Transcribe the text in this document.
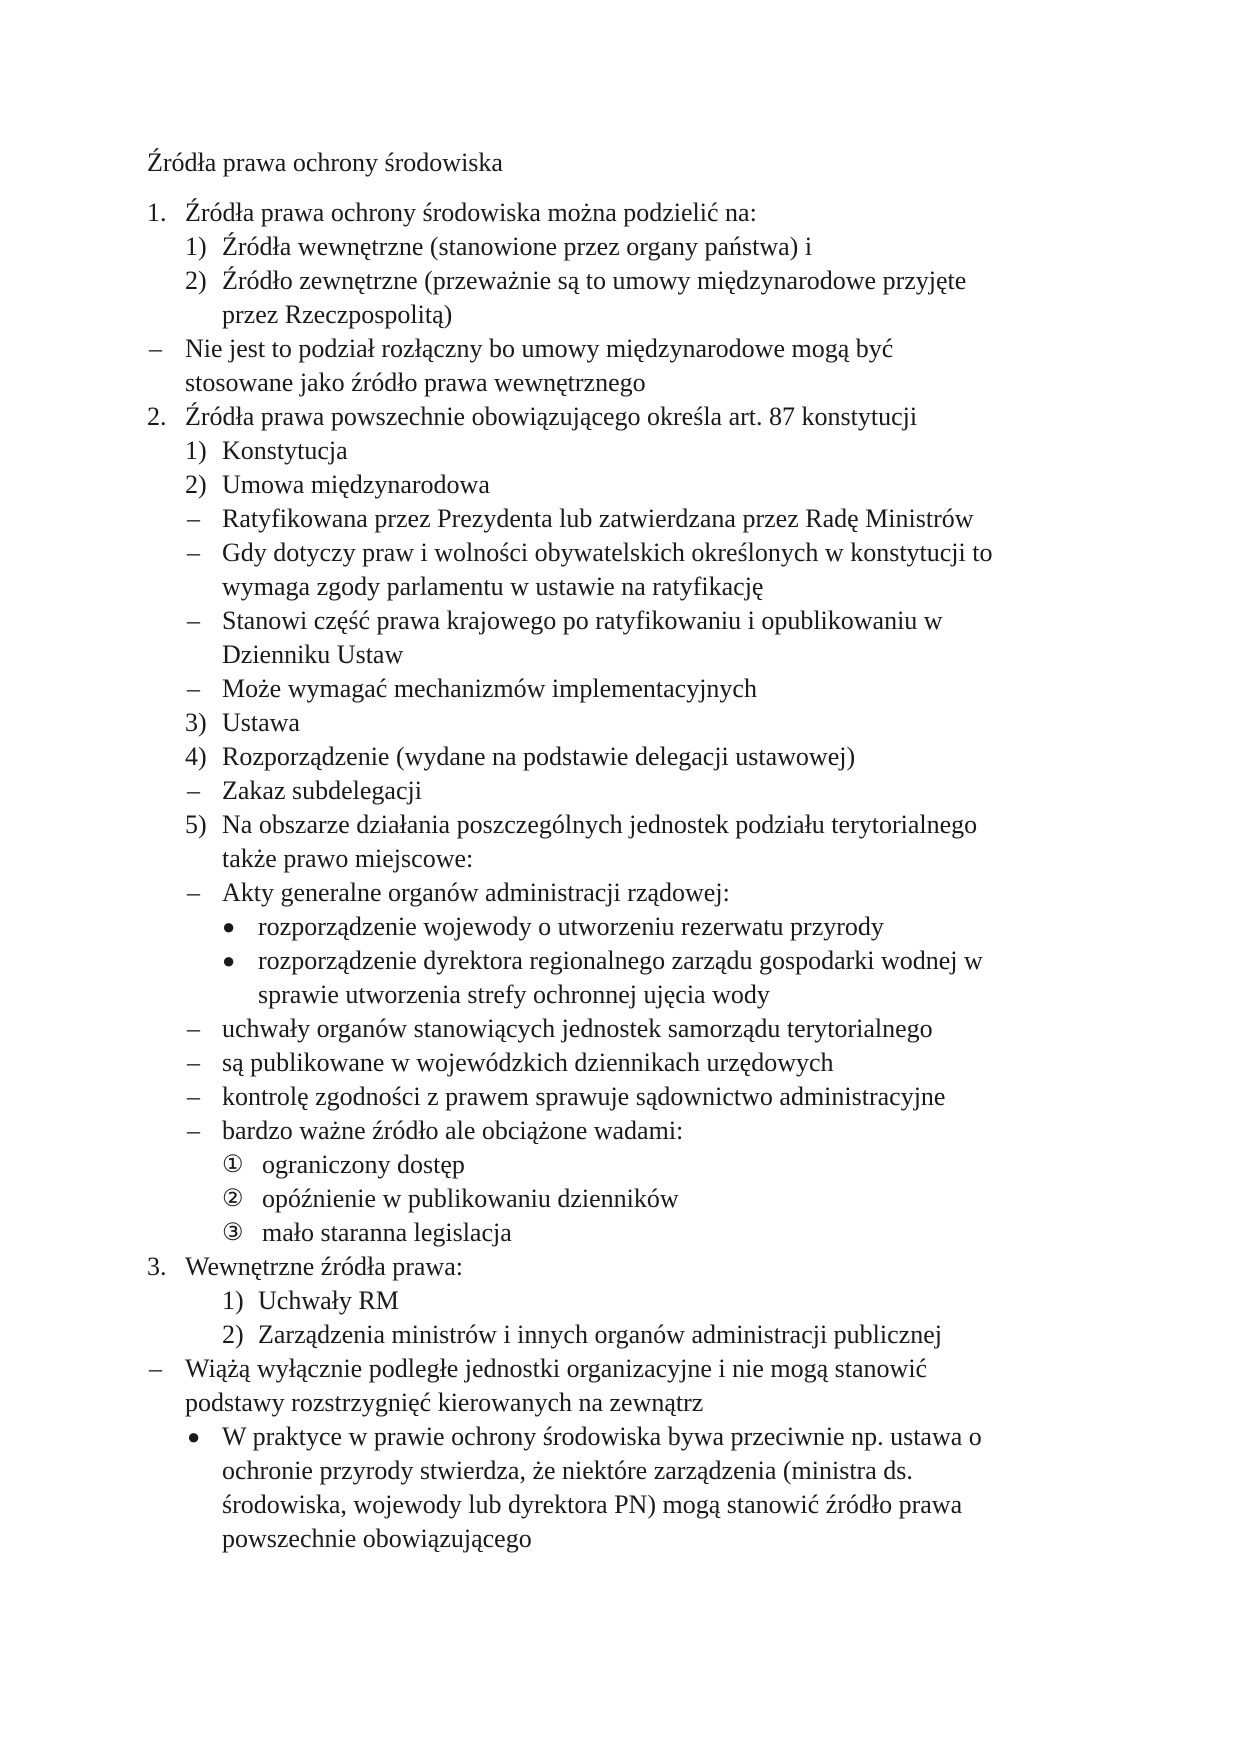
Źródła prawa ochrony środowiska
1. Źródła prawa ochrony środowiska można podzielić na:
1) Źródła wewnętrzne (stanowione przez organy państwa) i
2) Źródło zewnętrzne (przeważnie są to umowy międzynarodowe przyjęte
przez Rzeczpospolitą)
– Nie jest to podział rozłączny bo umowy międzynarodowe mogą być
stosowane jako źródło prawa wewnętrznego
2. Źródła prawa powszechnie obowiązującego określa art. 87 konstytucji
1) Konstytucja
2) Umowa międzynarodowa
– Ratyfikowana przez Prezydenta lub zatwierdzana przez Radę Ministrów
– Gdy dotyczy praw i wolności obywatelskich określonych w konstytucji to
wymaga zgody parlamentu w ustawie na ratyfikację
– Stanowi część prawa krajowego po ratyfikowaniu i opublikowaniu w
Dzienniku Ustaw
– Może wymagać mechanizmów implementacyjnych
3) Ustawa
4) Rozporządzenie (wydane na podstawie delegacji ustawowej)
– Zakaz subdelegacji
5) Na obszarze działania poszczególnych jednostek podziału terytorialnego
także prawo miejscowe:
– Akty generalne organów administracji rządowej:
● rozporządzenie wojewody o utworzeniu rezerwatu przyrody
● rozporządzenie dyrektora regionalnego zarządu gospodarki wodnej w
sprawie utworzenia strefy ochronnej ujęcia wody
– uchwały organów stanowiących jednostek samorządu terytorialnego
– są publikowane w wojewódzkich dziennikach urzędowych
– kontrolę zgodności z prawem sprawuje sądownictwo administracyjne
– bardzo ważne źródło ale obciążone wadami:
① ograniczony dostęp
② opóźnienie w publikowaniu dzienników
③ mało staranna legislacja
3. Wewnętrzne źródła prawa:
1) Uchwały RM
2) Zarządzenia ministrów i innych organów administracji publicznej
– Wiążą wyłącznie podległe jednostki organizacyjne i nie mogą stanowić
podstawy rozstrzygnięć kierowanych na zewnątrz
● W praktyce w prawie ochrony środowiska bywa przeciwnie np. ustawa o
ochronie przyrody stwierdza, że niektóre zarządzenia (ministra ds.
środowiska, wojewody lub dyrektora PN) mogą stanowić źródło prawa
powszechnie obowiązującego
